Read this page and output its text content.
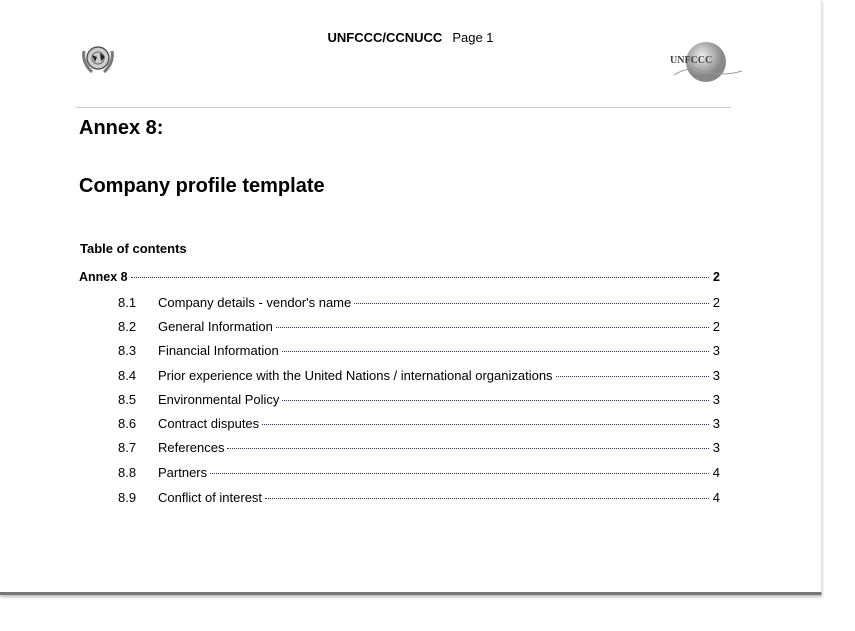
UNFCCC/CCNUCC Page 1
UNFCCC
Annex 8:
Company profile template
Table of contents
Annex 8	2
8.1	Company details - vendor's name	2
8.2	General Information	2
8.3	Financial Information	3
8.4	Prior experience with the United Nations / international organizations	3
8.5	Environmental Policy	3
8.6	Contract disputes	3
8.7	References	3
8.8	Partners	4
8.9	Conflict of interest	4
